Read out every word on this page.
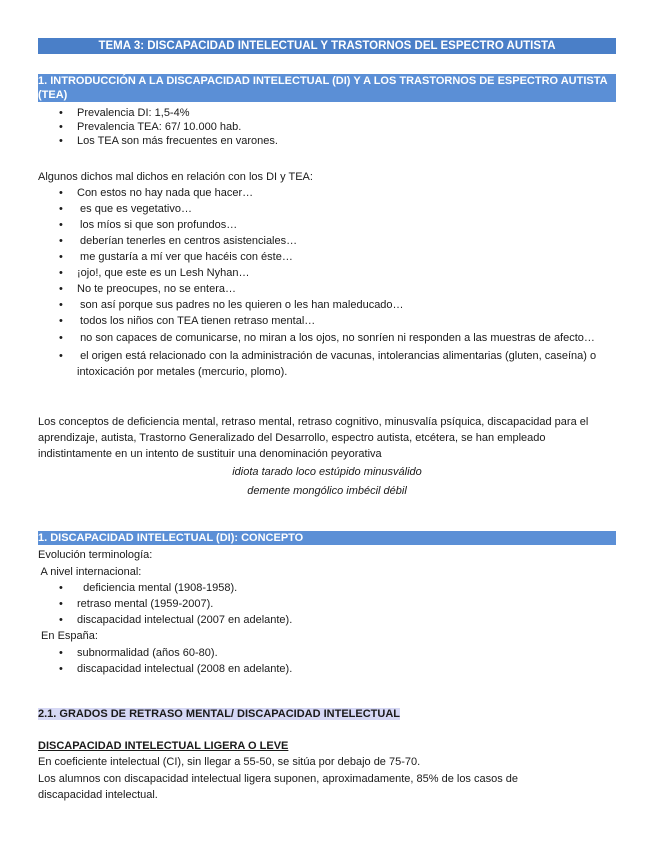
TEMA 3: DISCAPACIDAD INTELECTUAL Y TRASTORNOS DEL ESPECTRO AUTISTA
1. INTRODUCCIÓN A LA DISCAPACIDAD INTELECTUAL (DI) Y A LOS TRASTORNOS DE ESPECTRO AUTISTA (TEA)
• Prevalencia DI: 1,5-4%
• Prevalencia TEA: 67/ 10.000 hab.
• Los TEA son más frecuentes en varones.
Algunos dichos mal dichos en relación con los DI y TEA:
• Con estos no hay nada que hacer…
•  es que es vegetativo…
•  los míos si que son profundos…
•  deberían tenerles en centros asistenciales…
•  me gustaría a mí ver que hacéis con éste…
• ¡ojo!, que este es un Lesh Nyhan…
• No te preocupes, no se entera…
•  son así porque sus padres no les quieren o les han maleducado…
•  todos los niños con TEA tienen retraso mental…
•  no son capaces de comunicarse, no miran a los ojos, no sonríen ni responden a las muestras de afecto…
•  el origen está relacionado con la administración de vacunas, intolerancias alimentarias (gluten, caseína) o intoxicación por metales (mercurio, plomo).
Los conceptos de deficiencia mental, retraso mental, retraso cognitivo, minusvalía psíquica, discapacidad para el aprendizaje, autista, Trastorno Generalizado del Desarrollo, espectro autista, etcétera, se han empleado indistintamente en un intento de sustituir una denominación peyorativa
idiota tarado loco estúpido minusválido
demente mongólico imbécil débil
1. DISCAPACIDAD INTELECTUAL (DI): CONCEPTO
Evolución terminología:
A nivel internacional:
•   deficiencia mental (1908-1958).
• retraso mental (1959-2007).
• discapacidad intelectual (2007 en adelante).
En España:
• subnormalidad (años 60-80).
• discapacidad intelectual (2008 en adelante).
2.1. GRADOS DE RETRASO MENTAL/ DISCAPACIDAD INTELECTUAL
DISCAPACIDAD INTELECTUAL LIGERA O LEVE
En coeficiente intelectual (CI), sin llegar a 55-50, se sitúa por debajo de 75-70.
Los alumnos con discapacidad intelectual ligera suponen, aproximadamente, 85% de los casos de discapacidad intelectual.
